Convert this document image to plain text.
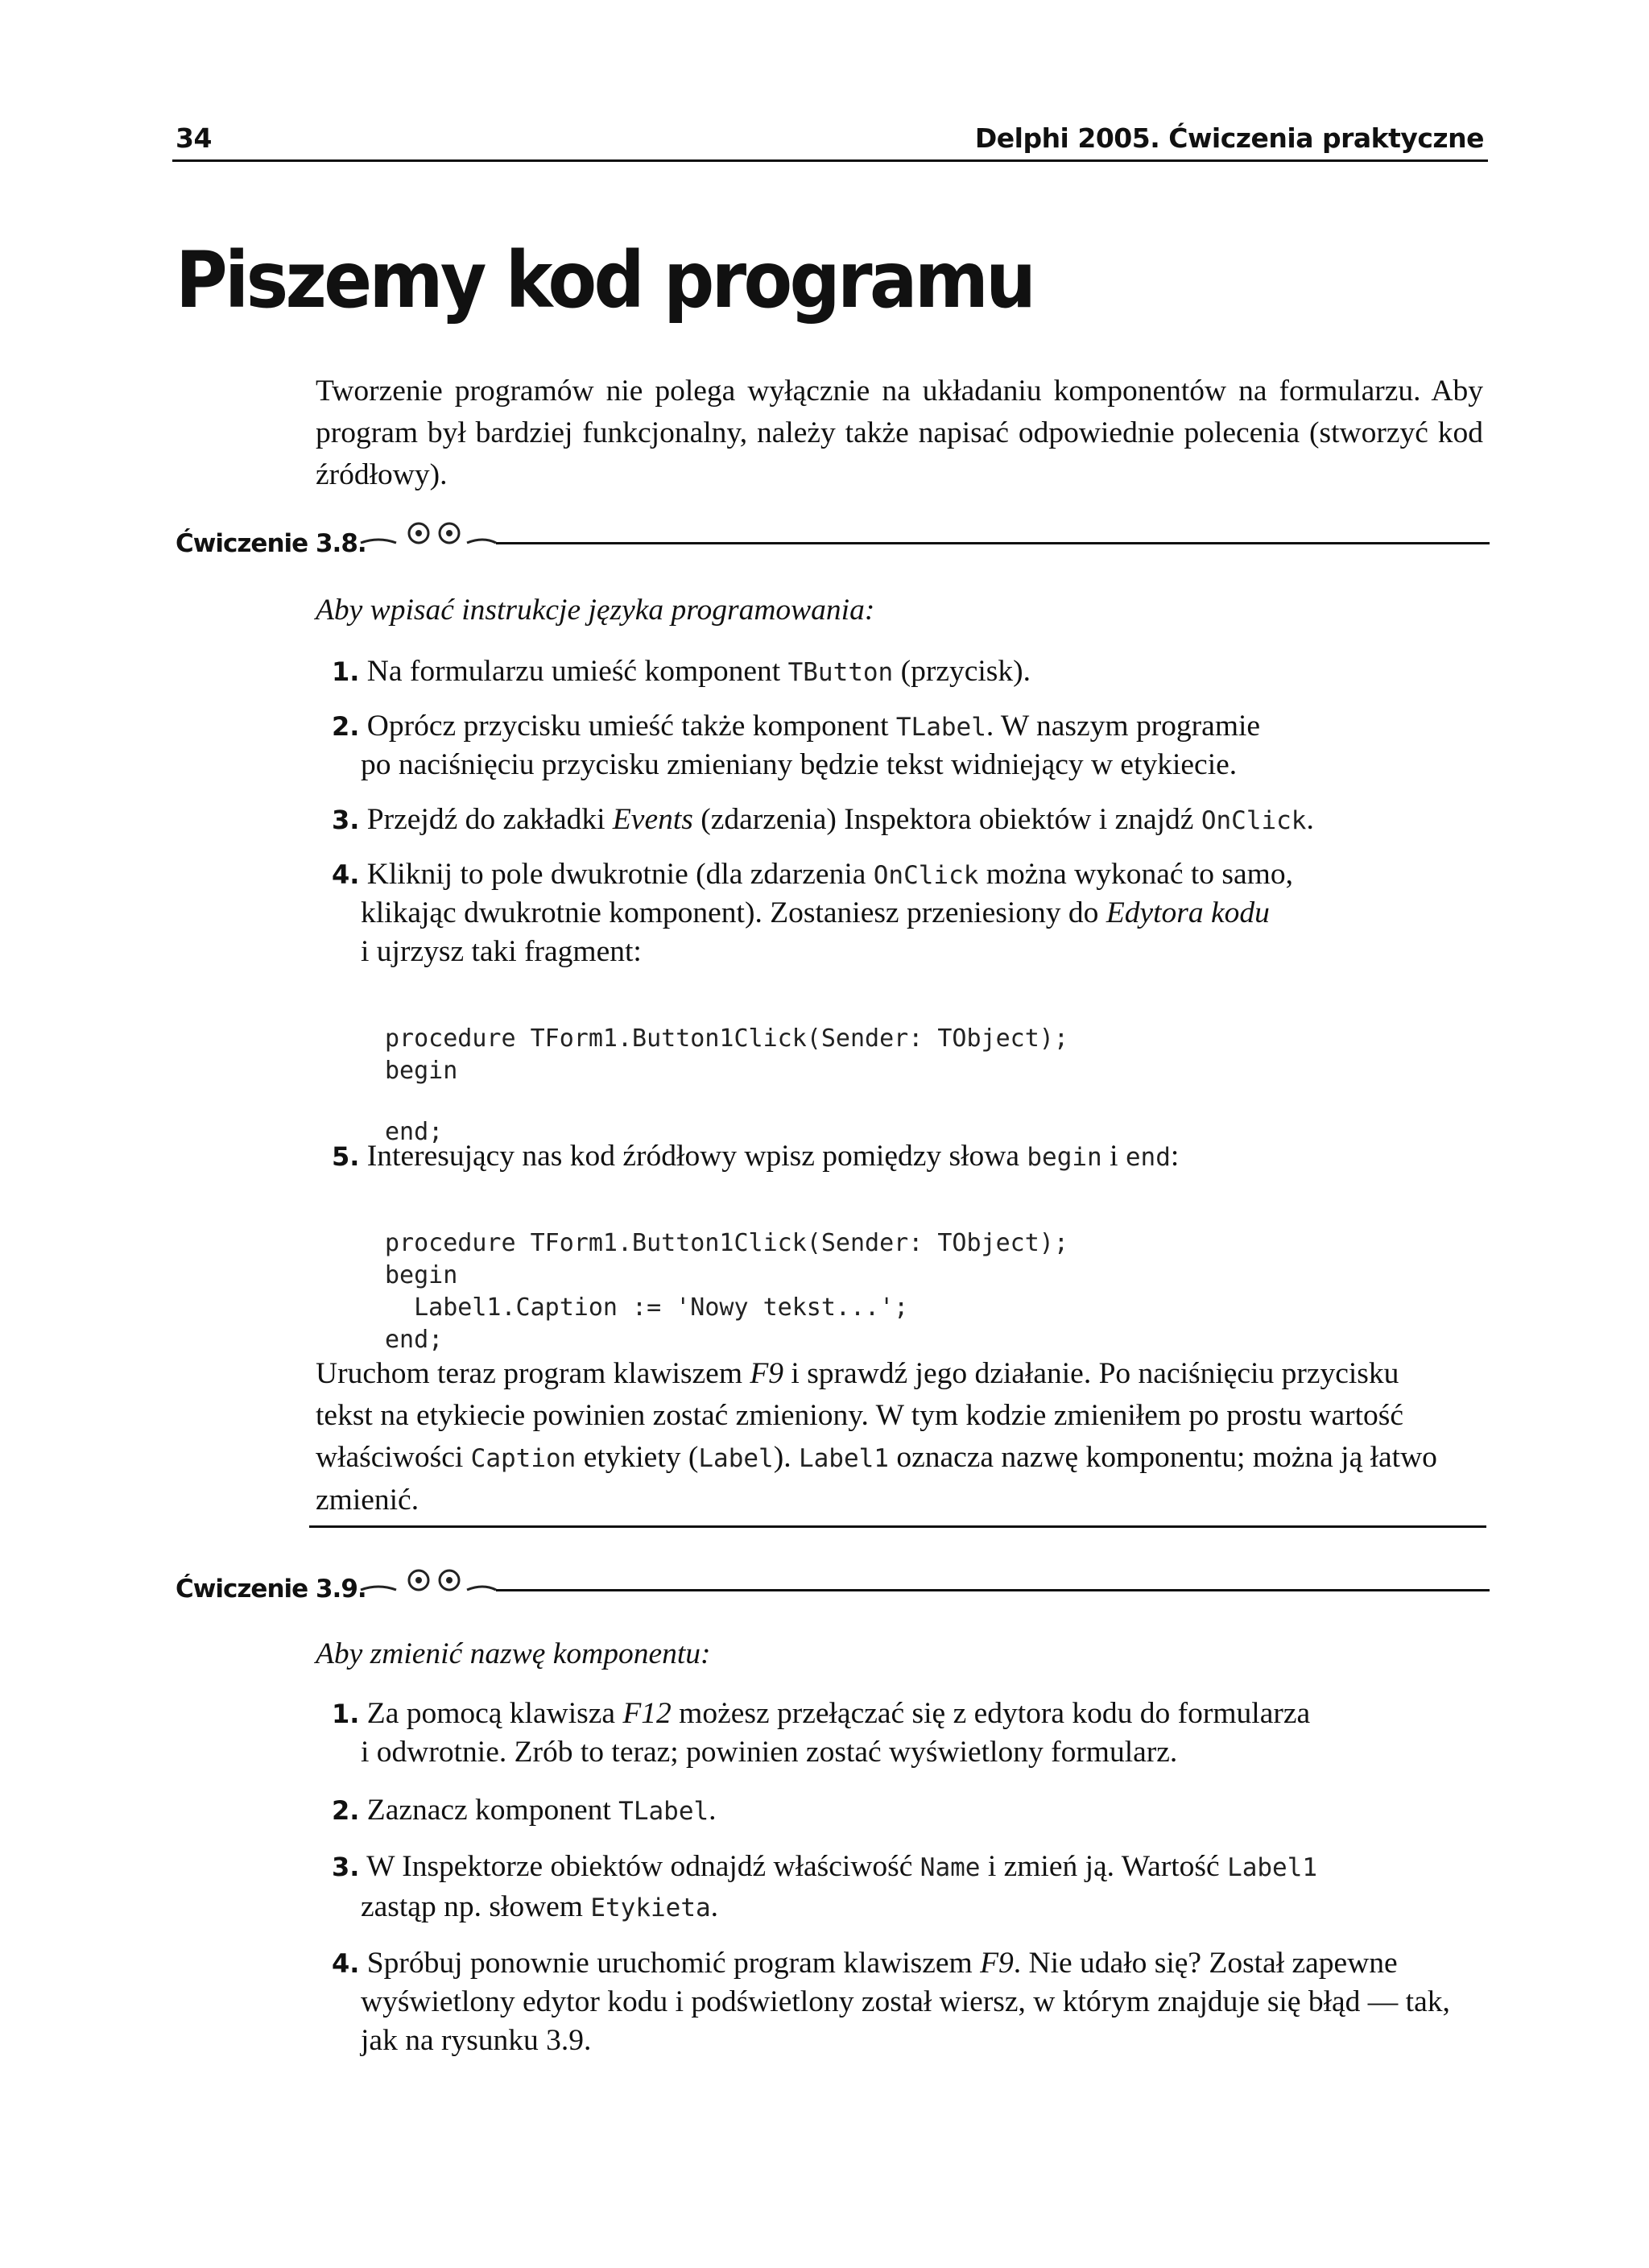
34	Delphi 2005. Ćwiczenia praktyczne
Piszemy kod programu
Tworzenie programów nie polega wyłącznie na układaniu komponentów na formularzu. Aby program był bardziej funkcjonalny, należy także napisać odpowiednie polecenia (stworzyć kod źródłowy).
Ćwiczenie 3.8.
Aby wpisać instrukcje języka programowania:
1. Na formularzu umieść komponent TButton (przycisk).
2. Oprócz przycisku umieść także komponent TLabel. W naszym programie
po naciśnięciu przycisku zmieniany będzie tekst widniejący w etykiecie.
3. Przejdź do zakładki Events (zdarzenia) Inspektora obiektów i znajdź OnClick.
4. Kliknij to pole dwukrotnie (dla zdarzenia OnClick można wykonać to samo,
klikając dwukrotnie komponent). Zostaniesz przeniesiony do Edytora kodu
i ujrzysz taki fragment:

procedure TForm1.Button1Click(Sender: TObject);
begin
end;

5. Interesujący nas kod źródłowy wpisz pomiędzy słowa begin i end:

procedure TForm1.Button1Click(Sender: TObject);
begin
Label1.Caption := 'Nowy tekst...';
end;

Uruchom teraz program klawiszem F9 i sprawdź jego działanie. Po naciśnięciu przycisku
tekst na etykiecie powinien zostać zmieniony. W tym kodzie zmieniłem po prostu wartość
właściwości Caption etykiety (Label). Label1 oznacza nazwę komponentu; można ją łatwo
zmienić.
Ćwiczenie 3.9.
Aby zmienić nazwę komponentu:
1. Za pomocą klawisza F12 możesz przełączać się z edytora kodu do formularza
i odwrotnie. Zrób to teraz; powinien zostać wyświetlony formularz.
2. Zaznacz komponent TLabel.
3. W Inspektorze obiektów odnajdź właściwość Name i zmień ją. Wartość Label1
zastąp np. słowem Etykieta.
4. Spróbuj ponownie uruchomić program klawiszem F9. Nie udało się? Został zapewne
wyświetlony edytor kodu i podświetlony został wiersz, w którym znajduje się błąd — tak,
jak na rysunku 3.9.
